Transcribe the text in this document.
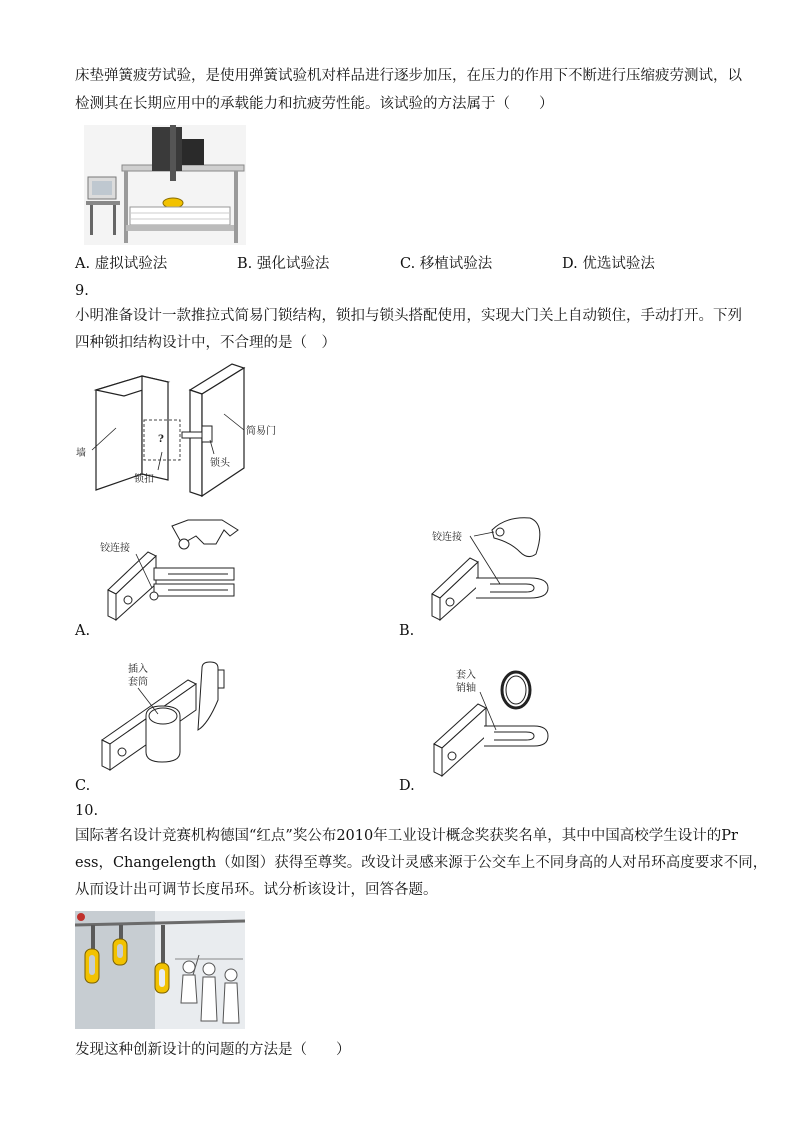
床垫弹簧疲劳试验，是使用弹簧试验机对样品进行逐步加压，在压力的作用下不断进行压缩疲劳测试，以
检测其在长期应用中的承载能力和抗疲劳性能。该试验的方法属于（　　）
A. 虚拟试验法	B. 强化试验法	C. 移植试验法	D. 优选试验法
9.
小明准备设计一款推拉式简易门锁结构，锁扣与锁头搭配使用，实现大门关上自动锁住，手动打开。下列
四种锁扣结构设计中，不合理的是（　）
?
墙
锁扣
简易门
锁头
铰连接
A.
铰连接
B.
插入
套筒
C.
套入
销轴
D.
10.
国际著名设计竞赛机构德国“红点”奖公布2010年工业设计概念奖获奖名单，其中中国高校学生设计的Pr
ess，Changelength（如图）获得至尊奖。改设计灵感来源于公交车上不同身高的人对吊环高度要求不同，
从而设计出可调节长度吊环。试分析该设计，回答各题。
发现这种创新设计的问题的方法是（　　）
